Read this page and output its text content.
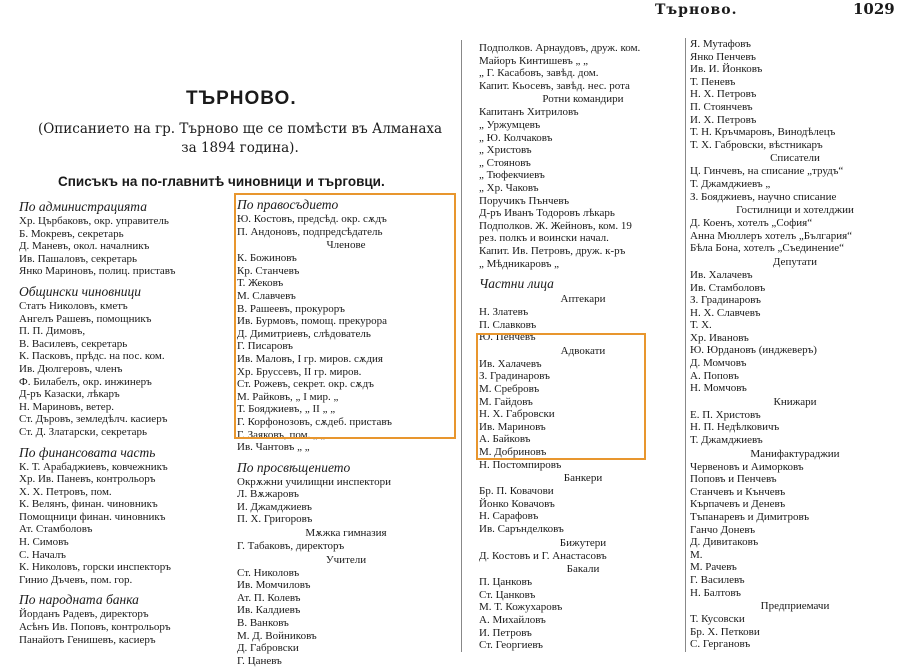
Търново.	1029
ТЪРНОВО.
(Описанието на гр. Търново ще се помѣсти въ Алманаха за 1894 година).
Списъкъ на по-главнитѣ чиновници и търговци.
По администрацията
Хр. Църбаковъ, окр. управитель
Б. Мокревъ, секретарь
Д. Маневъ, окол. началникъ
Ив. Пашаловъ, секретарь
Янко Мариновъ, полиц. приставъ
Общински чиновници
Статъ Николовъ, кметъ
Ангелъ Рашевъ, помощникъ
П. П. Димовъ,
В. Василевъ, секретарь
К. Пасковъ, прѣдс. на пос. ком.
Ив. Дюлгеровъ, членъ
Ф. Билабелъ, окр. инжинеръ
Д-ръ Казаски, лѣкаръ
Н. Мариновъ, ветер.
Ст. Дъровъ, земледѣлч. касиеръ
Ст. Д. Златарски, секретарь
По финансовата часть
К. Т. Арабаджиевъ, ковчежникъ
Хр. Ив. Паневъ, контрольоръ
Х. Х. Петровъ, пом.
К. Велянъ, финан. чиновникъ
Помощници финан. чиновникъ
Ат. Стамболовъ
Н. Симовъ
С. Началъ
К. Николовъ, горски инспекторъ
Гинио Дъчевъ, пом. гор.
По народната банка
Йорданъ Радевъ, директоръ
Асѣнъ Ив. Поповъ, контрольоръ
Панайотъ Генишевъ, касиеръ
По правосъдието
Ю. Костовъ, предсѣд. окр. сѫдъ
П. Андоновъ, подпредсѣдатель
Членове
К. Божиновъ
Кр. Станчевъ
Т. Жековъ
М. Славчевъ
В. Рашеевъ, прокуроръ
Ив. Бурмовъ, помощ. прекурора
Д. Димитриевъ, слѣдователь
Г. Писаровъ
Ив. Маловъ, I гр. миров. сѫдия
Хр. Бруссевъ, II гр. миров.
Ст. Рожевъ, секрет. окр. сѫдъ
М. Райковъ, „ I мир. „
Т. Бояджиевъ, „ II „ „
Г. Корфонозовъ, сѫдеб. приставъ
Г. Заяковъ, пом. „ „
Ив. Чантовъ „ „
По просвѣщението
Окрѫжни училищни инспектори
Л. Вѫжаровъ
И. Джамджиевъ
П. Х. Григоровъ
Мѫжка гимназия
Г. Табаковъ, директоръ
Учители
Ст. Николовъ
Ив. Момчиловъ
Ат. П. Колевъ
Ив. Калдиевъ
В. Ванковъ
М. Д. Войниковъ
Д. Габровски
Г. Цаневъ
Подполков. Арнаудовъ, друж. ком.
Майоръ Кинтишевъ „ „
„ Г. Касабовъ, завѣд. дом.
Капит. Кьосевъ, завѣд. нес. рота
Ротни командири
Капитанъ Хитриловъ
„ Уржумцевъ
„ Ю. Колчаковъ
„ Христовъ
„ Стояновъ
„ Тюфекчиевъ
„ Хр. Чаковъ
Поручикъ Пънчевъ
Д-ръ Иванъ Тодоровъ лѣкарь
Подполков. Ж. Жейновъ, ком. 19
рез. полкъ и воински начал.
Капит. Ив. Петровъ, друж. к-ръ
„ Мѣдникаровъ „
Частни лица
Аптекари
Н. Златевъ
П. Славковъ
Ю. Пенчевъ
Адвокати
Ив. Халачевъ
З. Градинаровъ
М. Сребровъ
М. Гайдовъ
Н. Х. Габровски
Ив. Мариновъ
А. Байковъ
М. Добриновъ
Н. Постомпировъ
Банкери
Бр. П. Ковачови
Йонко Ковачовъ
Н. Сарафовъ
Ив. Сарънделковъ
Бижутери
Д. Костовъ и Г. Анастасовъ
Бакали
П. Цанковъ
Ст. Цанковъ
М. Т. Кожухаровъ
А. Михайловъ
И. Петровъ
Ст. Георгиевъ
Я. Мутафовъ
Янко Пенчевъ
Ив. И. Йонковъ
Т. Пеневъ
Н. Х. Петровъ
П. Стоянчевъ
И. Х. Петровъ
Т. Н. Кръчмаровъ, Винодѣлецъ
Т. Х. Габровски, вѣстникаръ
Списатели
Ц. Гинчевъ, на списание „трудъ“
Т. Джамджиевъ „
З. Бояджиевъ, научно списание
Гостилници и хотелджии
Д. Коенъ, хотелъ „София“
Анна Мюллеръ хотелъ „България“
Бѣла Бона, хотелъ „Съединение“
Депутати
Ив. Халачевъ
Ив. Стамболовъ
З. Градинаровъ
Н. Х. Славчевъ
Т. Х.
Хр. Ивановъ
Ю. Юрдановъ (инджеверъ)
Д. Момчовъ
А. Поповъ
Н. Момчовъ
Книжари
Е. П. Христовъ
Н. П. Недѣлковичъ
Т. Джамджиевъ
Манифактураджии
Червеновъ и Аиморковъ
Поповъ и Пенчевъ
Станчевъ и Кънчевъ
Кърпачевъ и Деневъ
Тъпанаревъ и Димитровъ
Ганчо Доневъ
Д. Дивитаковъ
М.
М. Рачевъ
Г. Василевъ
Н. Балтовъ
Предприемачи
Т. Кусовски
Бр. Х. Петкови
С. Гергановъ
